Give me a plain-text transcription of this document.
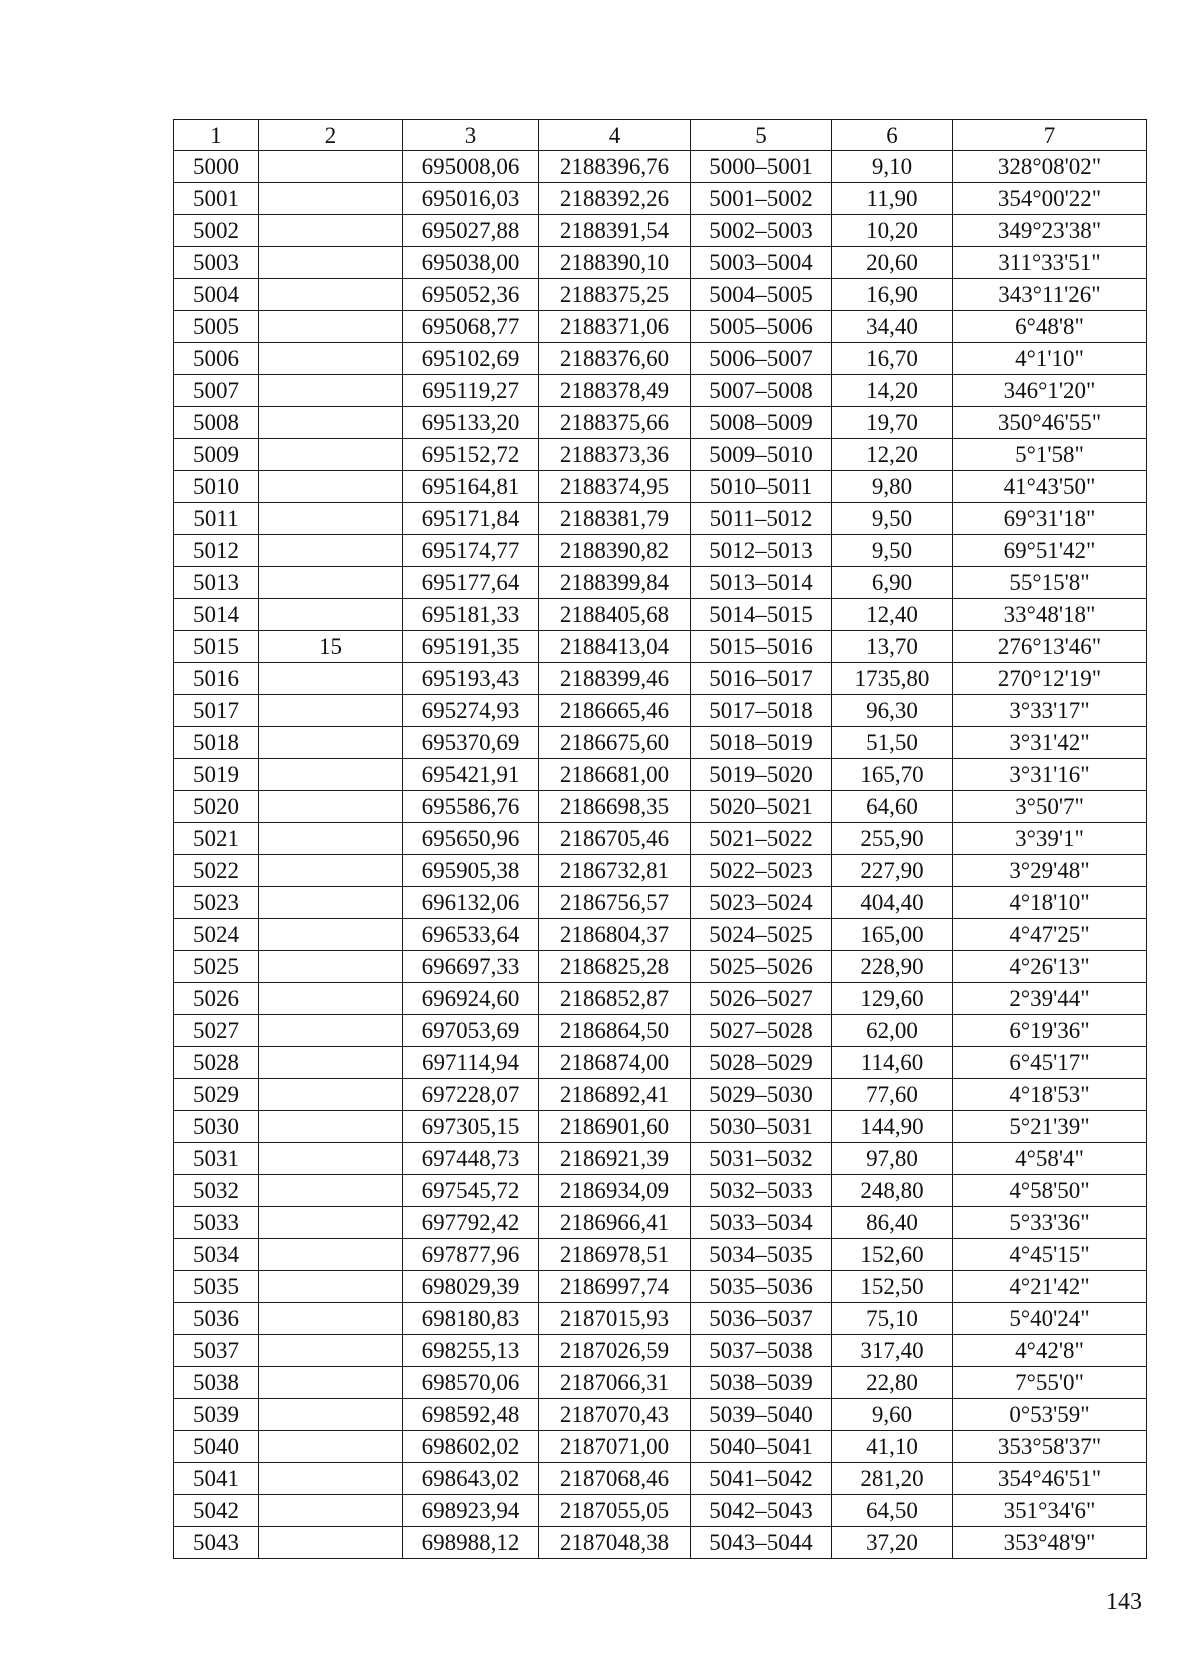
1	2	3	4	5	6	7
5000		695008,06	2188396,76	5000–5001	9,10	328°08'02"
5001		695016,03	2188392,26	5001–5002	11,90	354°00'22"
5002		695027,88	2188391,54	5002–5003	10,20	349°23'38"
5003		695038,00	2188390,10	5003–5004	20,60	311°33'51"
5004		695052,36	2188375,25	5004–5005	16,90	343°11'26"
5005		695068,77	2188371,06	5005–5006	34,40	6°48'8"
5006		695102,69	2188376,60	5006–5007	16,70	4°1'10"
5007		695119,27	2188378,49	5007–5008	14,20	346°1'20"
5008		695133,20	2188375,66	5008–5009	19,70	350°46'55"
5009		695152,72	2188373,36	5009–5010	12,20	5°1'58"
5010		695164,81	2188374,95	5010–5011	9,80	41°43'50"
5011		695171,84	2188381,79	5011–5012	9,50	69°31'18"
5012		695174,77	2188390,82	5012–5013	9,50	69°51'42"
5013		695177,64	2188399,84	5013–5014	6,90	55°15'8"
5014		695181,33	2188405,68	5014–5015	12,40	33°48'18"
5015	15	695191,35	2188413,04	5015–5016	13,70	276°13'46"
5016		695193,43	2188399,46	5016–5017	1735,80	270°12'19"
5017		695274,93	2186665,46	5017–5018	96,30	3°33'17"
5018		695370,69	2186675,60	5018–5019	51,50	3°31'42"
5019		695421,91	2186681,00	5019–5020	165,70	3°31'16"
5020		695586,76	2186698,35	5020–5021	64,60	3°50'7"
5021		695650,96	2186705,46	5021–5022	255,90	3°39'1"
5022		695905,38	2186732,81	5022–5023	227,90	3°29'48"
5023		696132,06	2186756,57	5023–5024	404,40	4°18'10"
5024		696533,64	2186804,37	5024–5025	165,00	4°47'25"
5025		696697,33	2186825,28	5025–5026	228,90	4°26'13"
5026		696924,60	2186852,87	5026–5027	129,60	2°39'44"
5027		697053,69	2186864,50	5027–5028	62,00	6°19'36"
5028		697114,94	2186874,00	5028–5029	114,60	6°45'17"
5029		697228,07	2186892,41	5029–5030	77,60	4°18'53"
5030		697305,15	2186901,60	5030–5031	144,90	5°21'39"
5031		697448,73	2186921,39	5031–5032	97,80	4°58'4"
5032		697545,72	2186934,09	5032–5033	248,80	4°58'50"
5033		697792,42	2186966,41	5033–5034	86,40	5°33'36"
5034		697877,96	2186978,51	5034–5035	152,60	4°45'15"
5035		698029,39	2186997,74	5035–5036	152,50	4°21'42"
5036		698180,83	2187015,93	5036–5037	75,10	5°40'24"
5037		698255,13	2187026,59	5037–5038	317,40	4°42'8"
5038		698570,06	2187066,31	5038–5039	22,80	7°55'0"
5039		698592,48	2187070,43	5039–5040	9,60	0°53'59"
5040		698602,02	2187071,00	5040–5041	41,10	353°58'37"
5041		698643,02	2187068,46	5041–5042	281,20	354°46'51"
5042		698923,94	2187055,05	5042–5043	64,50	351°34'6"
5043		698988,12	2187048,38	5043–5044	37,20	353°48'9"
143
